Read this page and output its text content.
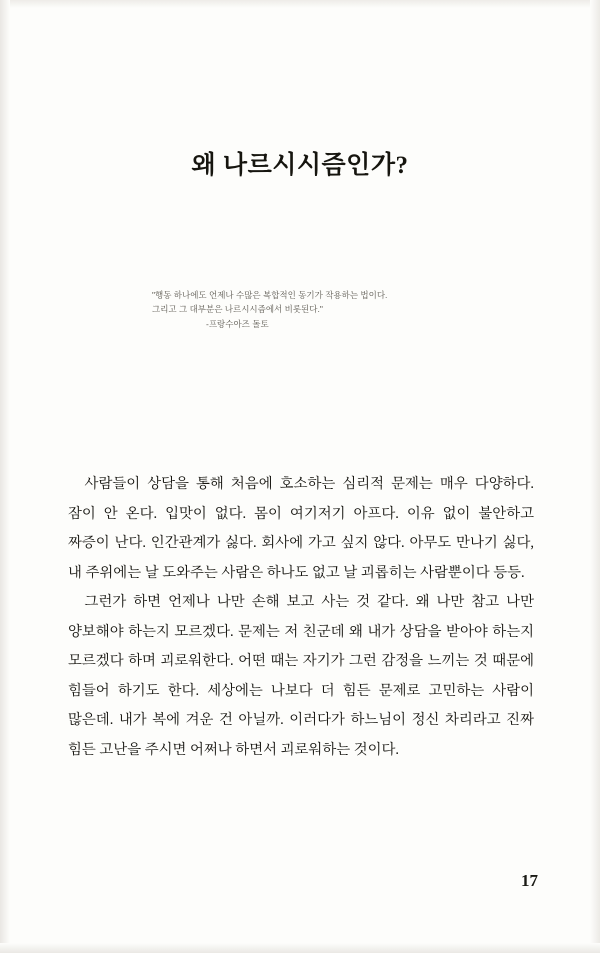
왜 나르시시즘인가?
"행동 하나에도 언제나 수많은 복합적인 동기가 작용하는 법이다.
그리고 그 대부분은 나르시시즘에서 비롯된다."
-프랑수아즈 돌토

사람들이 상담을 통해 처음에 호소하는 심리적 문제는 매우 다양하다. 잠이 안 온다. 입맛이 없다. 몸이 여기저기 아프다. 이유 없이 불안하고 짜증이 난다. 인간관계가 싫다. 회사에 가고 싶지 않다. 아무도 만나기 싫다, 내 주위에는 날 도와주는 사람은 하나도 없고 날 괴롭히는 사람뿐이다 등등.

그런가 하면 언제나 나만 손해 보고 사는 것 같다. 왜 나만 참고 나만 양보해야 하는지 모르겠다. 문제는 저 친군데 왜 내가 상담을 받아야 하는지 모르겠다 하며 괴로워한다. 어떤 때는 자기가 그런 감정을 느끼는 것 때문에 힘들어 하기도 한다. 세상에는 나보다 더 힘든 문제로 고민하는 사람이 많은데. 내가 복에 겨운 건 아닐까. 이러다가 하느님이 정신 차리라고 진짜 힘든 고난을 주시면 어쩌나 하면서 괴로워하는 것이다.

17
